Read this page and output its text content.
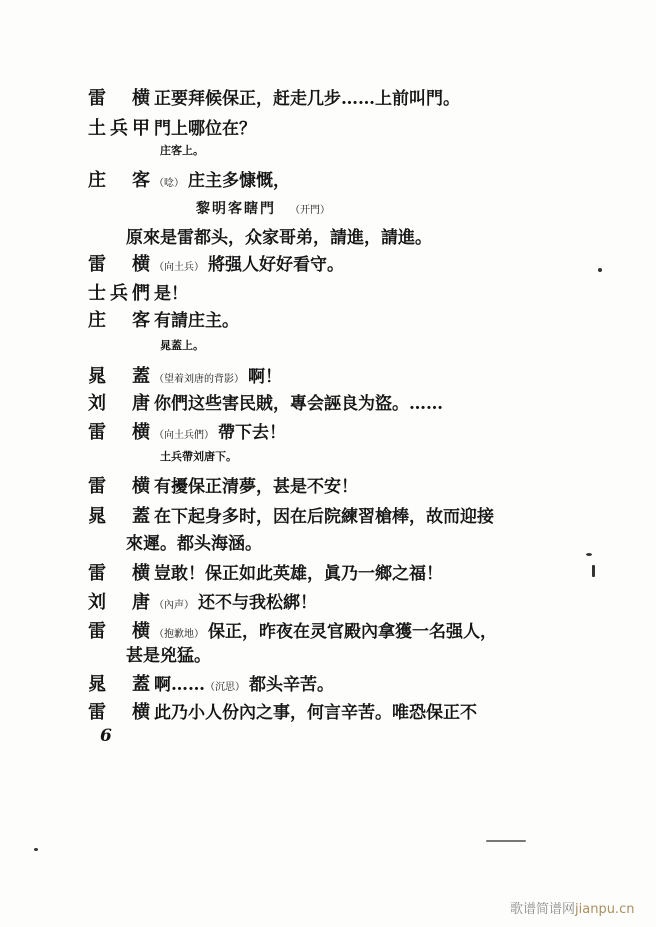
雷　横正要拜候保正，赶走几步……上前叫門。
土兵甲門上哪位在？
庄客上。
庄　客（唸） 庄主多慷慨，
黎明客瞎門 （开門）
原來是雷都头，众家哥弟，請進，請進。
雷　横（向土兵） 將强人好好看守。
士兵們是！
庄　客有請庄主。
晁蓋上。
晁　蓋（望着刘唐的背影） 啊！
刘　唐你們这些害民賊，專会誣良为盜。……
雷　横（向土兵們） 帶下去！
土兵帶刘唐下。
雷　横有擾保正清夢，甚是不安！
晁　蓋在下起身多时，因在后院練習槍棒，故而迎接
來遲。都头海涵。
雷　横豈敢！保正如此英雄，眞乃一鄉之福！
刘　唐（內声） 还不与我松綁！
雷　横（抱歉地） 保正，昨夜在灵官殿內拿獲一名强人，
甚是兇猛。
晁　蓋啊……（沉思） 都头辛苦。
雷　横此乃小人份內之事，何言辛苦。唯恐保正不
6
歌谱简谱网jianpu.cn
